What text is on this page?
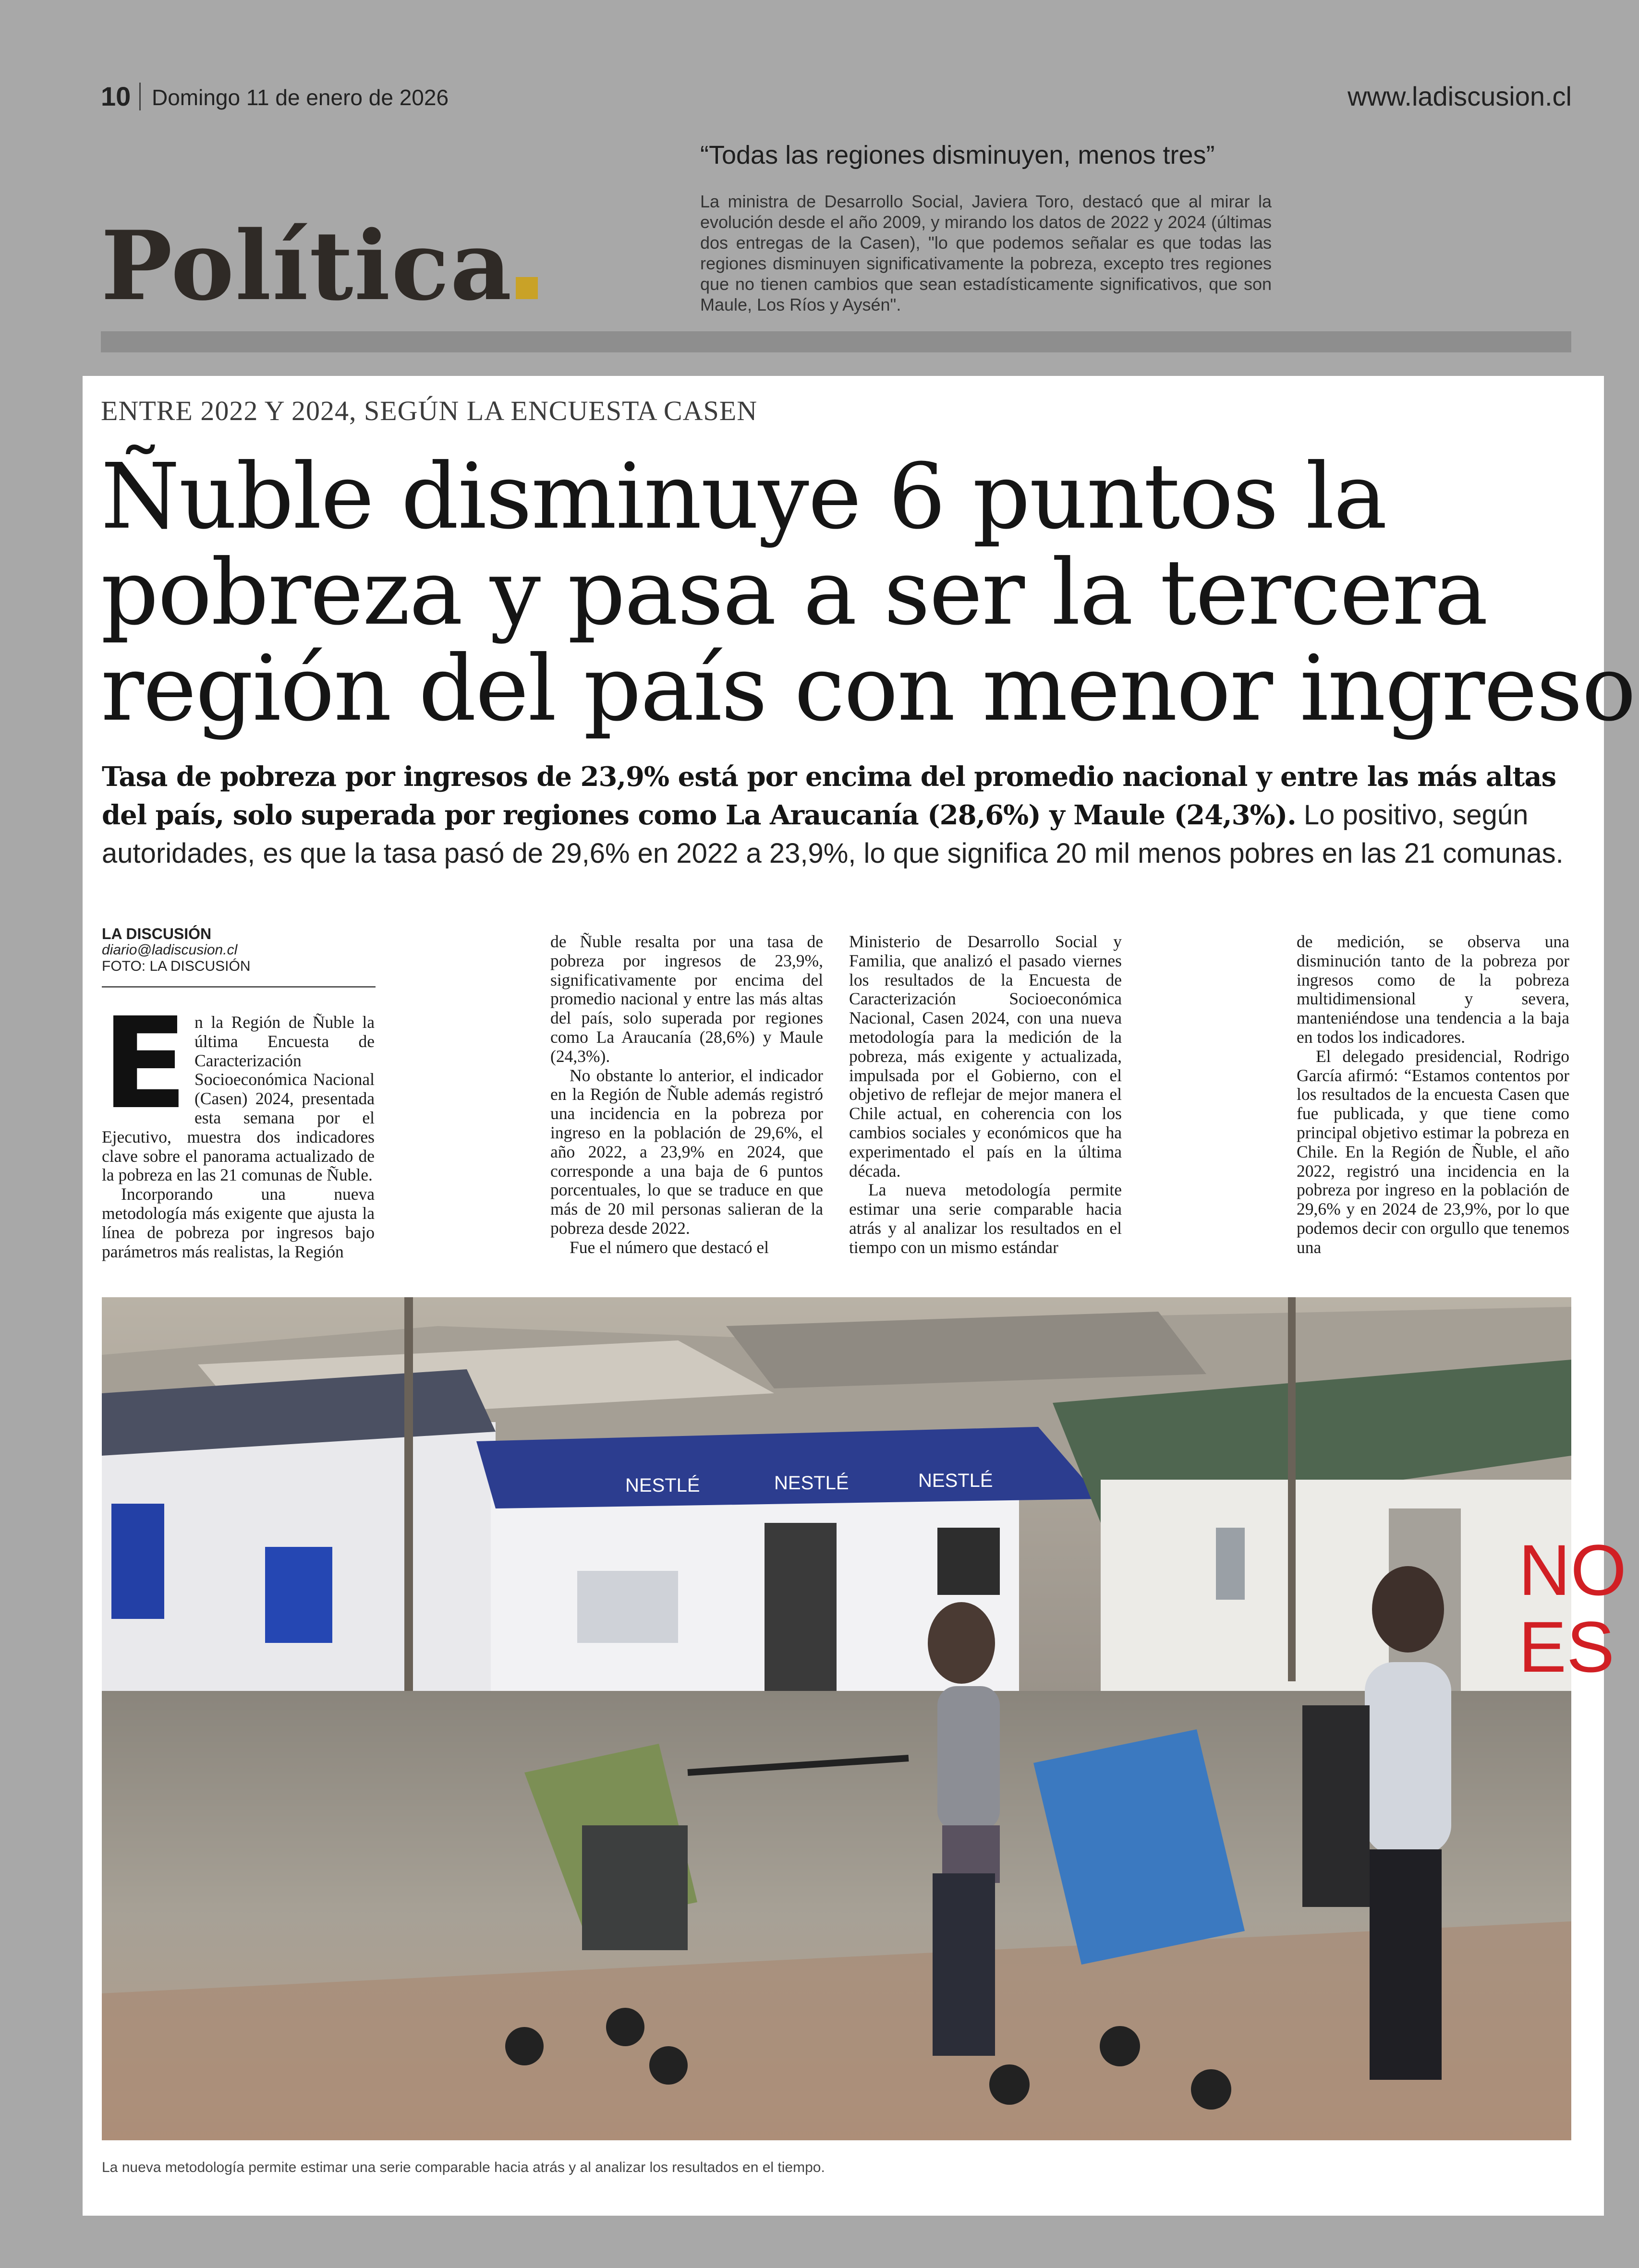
10 Domingo 11 de enero de 2026	www.ladiscusion.cl
Política
“Todas las regiones disminuyen, menos tres”
La ministra de Desarrollo Social, Javiera Toro, destacó que al mirar la evolución desde el año 2009, y mirando los datos de 2022 y 2024 (últimas dos entregas de la Casen), "lo que podemos señalar es que todas las regiones disminuyen significativamente la pobreza, excepto tres regiones que no tienen cambios que sean estadísticamente significativos, que son Maule, Los Ríos y Aysén".
ENTRE 2022 Y 2024, SEGÚN LA ENCUESTA CASEN
Ñuble disminuye 6 puntos la
pobreza y pasa a ser la tercera
región del país con menor ingreso
Tasa de pobreza por ingresos de 23,9% está por encima del promedio nacional y entre las más altas del país, solo superada por regiones como La Araucanía (28,6%) y Maule (24,3%). Lo positivo, según autoridades, es que la tasa pasó de 29,6% en 2022 a 23,9%, lo que significa 20 mil menos pobres en las 21 comunas.
LA DISCUSIÓN
diario@ladiscusion.cl
FOTO: LA DISCUSIÓN
E n la Región de Ñuble la última Encuesta de Caracterización Socioeconómica Nacional (Casen) 2024, presentada esta semana por el Ejecutivo, muestra dos indicadores clave sobre el panorama actualizado de la pobreza en las 21 comunas de Ñuble.

Incorporando una nueva metodología más exigente que ajusta la línea de pobreza por ingresos bajo parámetros más realistas, la Región

de Ñuble resalta por una tasa de pobreza por ingresos de 23,9%, significativamente por encima del promedio nacional y entre las más altas del país, solo superada por regiones como La Araucanía (28,6%) y Maule (24,3%).

No obstante lo anterior, el indicador en la Región de Ñuble además registró una incidencia en la pobreza por ingreso en la población de 29,6%, el año 2022, a 23,9% en 2024, que corresponde a una baja de 6 puntos porcentuales, lo que se traduce en que más de 20 mil personas salieran de la pobreza desde 2022.

Fue el número que destacó el

Ministerio de Desarrollo Social y Familia, que analizó el pasado viernes los resultados de la Encuesta de Caracterización Socioeconómica Nacional, Casen 2024, con una nueva metodología para la medición de la pobreza, más exigente y actualizada, impulsada por el Gobierno, con el objetivo de reflejar de mejor manera el Chile actual, en coherencia con los cambios sociales y económicos que ha experimentado el país en la última década.

La nueva metodología permite estimar una serie comparable hacia atrás y al analizar los resultados en el tiempo con un mismo estándar

de medición, se observa una disminución tanto de la pobreza por ingresos como de la pobreza multidimensional y severa, manteniéndose una tendencia a la baja en todos los indicadores.

El delegado presidencial, Rodrigo García afirmó: “Estamos contentos por los resultados de la encuesta Casen que fue publicada, y que tiene como principal objetivo estimar la pobreza en Chile. En la Región de Ñuble, el año 2022, registró una incidencia en la pobreza por ingreso en la población de 29,6% y en 2024 de 23,9%, por lo que podemos decir con orgullo que tenemos una

NESTLÉ	NESTLÉ	NESTLÉ
NO
ES
La nueva metodología permite estimar una serie comparable hacia atrás y al analizar los resultados en el tiempo.
